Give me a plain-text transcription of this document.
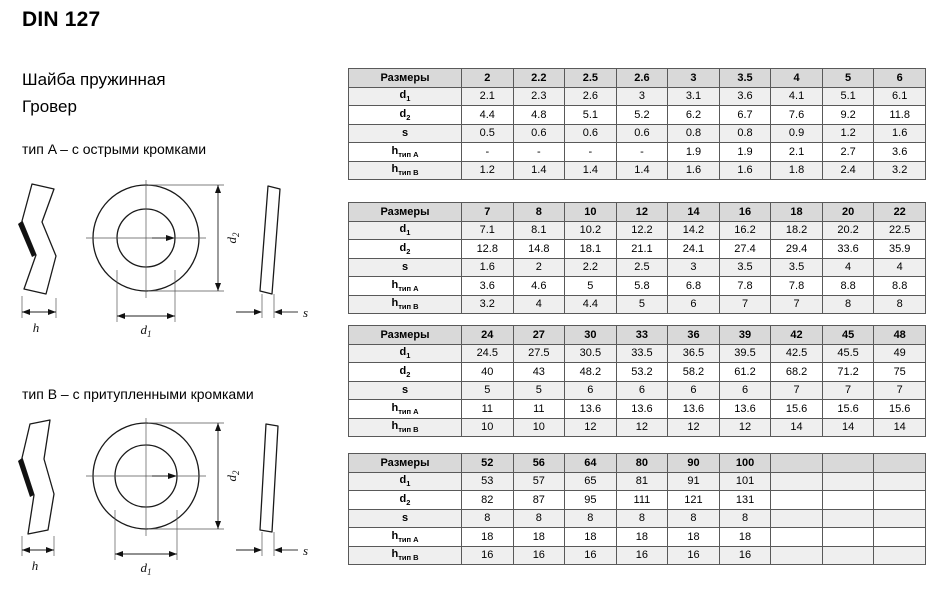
DIN 127
Шайба пружинная
Гровер
тип A – с острыми кромками
тип B – с притупленными кромками
h
$d_2$
$d_1$
s
h
$d_2$
$d_1$
s
Размеры	2	2.2	2.5	2.6	3	3.5	4	5	6
$d_1$	2.1	2.3	2.6	3	3.1	3.6	4.1	5.1	6.1
$d_2$	4.4	4.8	5.1	5.2	6.2	6.7	7.6	9.2	11.8
s	0.5	0.6	0.6	0.6	0.8	0.8	0.9	1.2	1.6
$h_{тип A}$	-	-	-	-	1.9	1.9	2.1	2.7	3.6
$h_{тип B}$	1.2	1.4	1.4	1.4	1.6	1.6	1.8	2.4	3.2
Размеры	7	8	10	12	14	16	18	20	22
$d_1$	7.1	8.1	10.2	12.2	14.2	16.2	18.2	20.2	22.5
$d_2$	12.8	14.8	18.1	21.1	24.1	27.4	29.4	33.6	35.9
s	1.6	2	2.2	2.5	3	3.5	3.5	4	4
$h_{тип A}$	3.6	4.6	5	5.8	6.8	7.8	7.8	8.8	8.8
$h_{тип B}$	3.2	4	4.4	5	6	7	7	8	8
Размеры	24	27	30	33	36	39	42	45	48
$d_1$	24.5	27.5	30.5	33.5	36.5	39.5	42.5	45.5	49
$d_2$	40	43	48.2	53.2	58.2	61.2	68.2	71.2	75
s	5	5	6	6	6	6	7	7	7
$h_{тип A}$	11	11	13.6	13.6	13.6	13.6	15.6	15.6	15.6
$h_{тип B}$	10	10	12	12	12	12	14	14	14
Размеры	52	56	64	80	90	100			
$d_1$	53	57	65	81	91	101			
$d_2$	82	87	95	111	121	131			
s	8	8	8	8	8	8			
$h_{тип A}$	18	18	18	18	18	18			
$h_{тип B}$	16	16	16	16	16	16			
